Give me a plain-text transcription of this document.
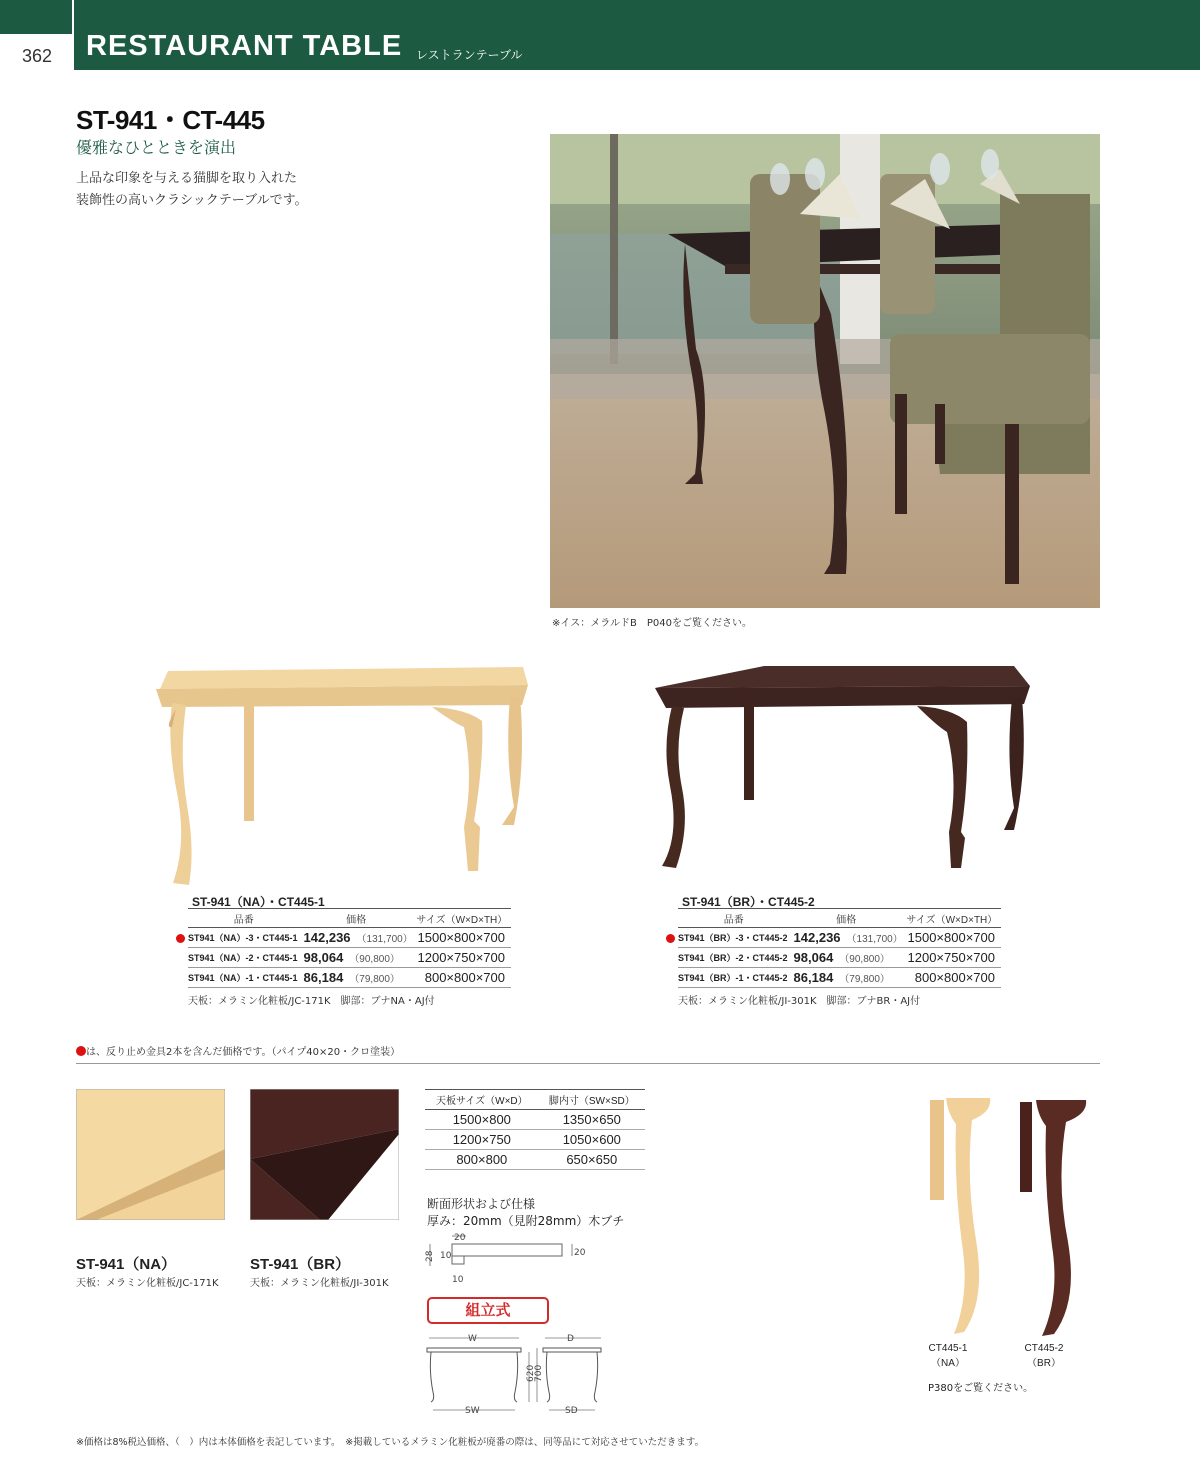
362	RESTAURANT TABLE レストランテーブル
ST-941・CT-445
優雅なひとときを演出
上品な印象を与える猫脚を取り入れた
装飾性の高いクラシックテーブルです。
※イス：メラルドB　P040をご覧ください。
ST-941（NA）・CT445-1
品番	価格	サイズ（W×D×TH）

ST941（NA）-3・CT445-1	142,236 （131,700）	1500×800×700
ST941（NA）-2・CT445-1	98,064 （90,800）	1200×750×700
ST941（NA）-1・CT445-1	86,184 （79,800）	800×800×700
天板：メラミン化粧板/JC-171K　脚部：ブナNA・AJ付
ST-941（BR）・CT445-2
品番	価格	サイズ（W×D×TH）

ST941（BR）-3・CT445-2	142,236 （131,700）	1500×800×700
ST941（BR）-2・CT445-2	98,064 （90,800）	1200×750×700
ST941（BR）-1・CT445-2	86,184 （79,800）	800×800×700
天板：メラミン化粧板/JI-301K　脚部：ブナBR・AJ付
は、反り止め金具2本を含んだ価格です。（パイプ40×20・クロ塗装）
ST-941（NA）
天板：メラミン化粧板/JC-171K
ST-941（BR）
天板：メラミン化粧板/JI-301K
天板サイズ（W×D）	脚内寸（SW×SD）
1500×800	1350×650
1200×750	1050×600
800×800	650×650
断面形状および仕様
厚み：20mm（見附28mm）木ブチ
20
28 10
10
20
組立式
W	D
620
700
SW	SD
CT445-1
（NA）
CT445-2
（BR）
P380をご覧ください。
※価格は8%税込価格、（　）内は本体価格を表記しています。　※掲載しているメラミン化粧板が廃番の際は、同等品にて対応させていただきます。
